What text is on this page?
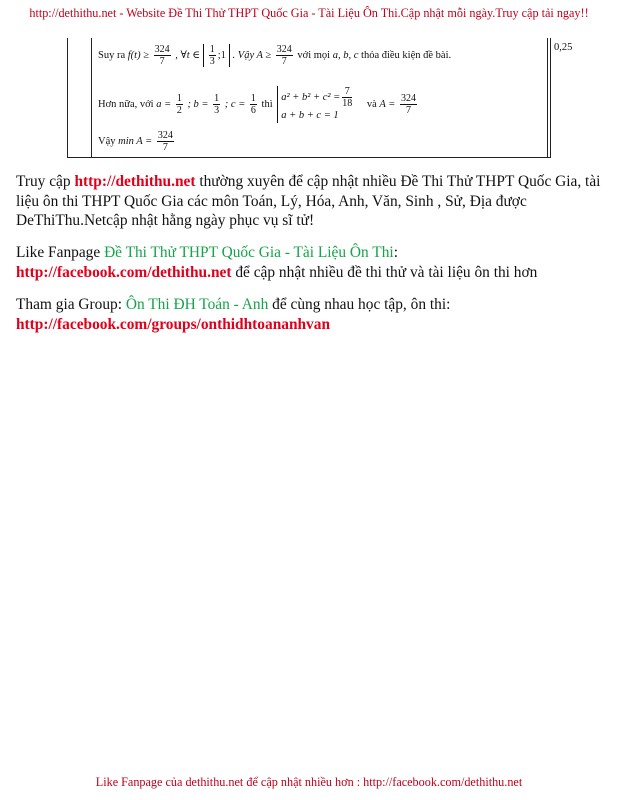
http://dethithu.net - Website Đề Thi Thử THPT Quốc Gia - Tài Liệu Ôn Thi.Cập nhật mỗi ngày.Truy cập tải ngay!!
Suy ra $f(t) \ge \frac{324}{7}$ , ∀t ∈ $\frac{1}{3}$ ;1 . Vậy $A \ge \frac{324}{7}$ với mọi a, b, c thỏa điều kiện đề bài.
Hơn nữa, với $a = \frac{1}{2}$ ; $b = \frac{1}{3}$ ; $c = \frac{1}{6}$ thì
$a^2 + b^2 + c^2 = \frac{7}{18}$
a + b + c = 1
và $A = \frac{324}{7}$
Vậy $\min A = \frac{324}{7}$
0,25
Truy cập http://dethithu.net thường xuyên để cập nhật nhiều Đề Thi Thử THPT Quốc Gia, tài liệu ôn thi THPT Quốc Gia các môn Toán, Lý, Hóa, Anh, Văn, Sinh , Sử, Địa được DeThiThu.Netcập nhật hằng ngày phục vụ sĩ tử!
Like Fanpage Đề Thi Thử THPT Quốc Gia - Tài Liệu Ôn Thi:
http://facebook.com/dethithu.net để cập nhật nhiều đề thi thử và tài liệu ôn thi hơn
Tham gia Group: Ôn Thi ĐH Toán - Anh để cùng nhau học tập, ôn thi:
http://facebook.com/groups/onthidhtoananhvan
Like Fanpage của dethithu.net để cập nhật nhiều hơn : http://facebook.com/dethithu.net
